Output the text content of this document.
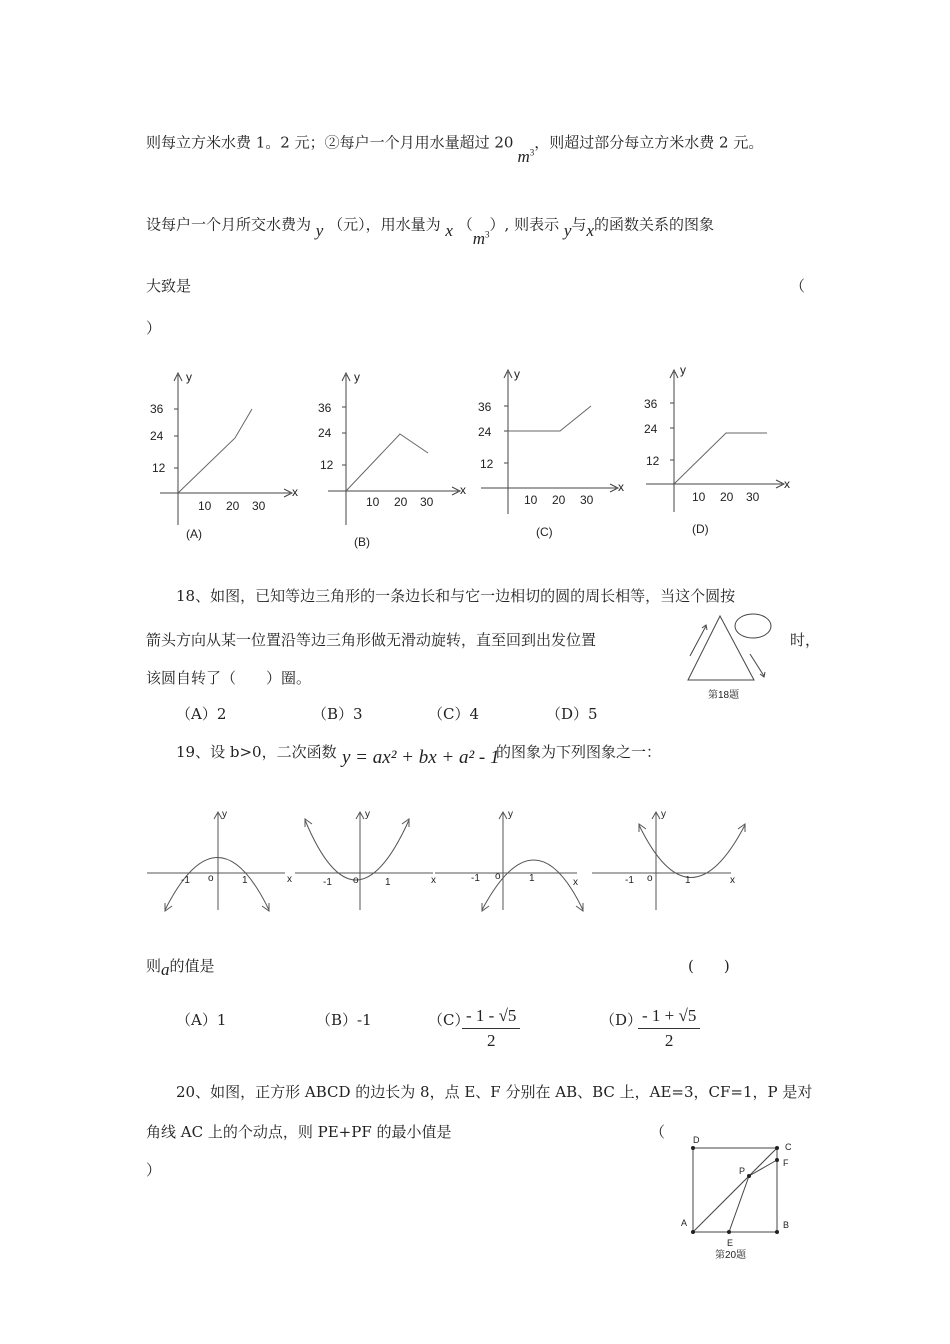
则每立方米水费 1。2 元；②每户一个月用水量超过 $20m^3$，则超过部分每立方米水费 2 元。
设每户一个月所交水费为 y （元），用水量为 x $(m^3)$, 则表示 y与x的函数关系的图象
大致是	（
）
y
36
24
12
10 20 30
x
(A)
y
36
24
12
10 20 30
x
(B)
y
36
24
12
10 20 30
x
(C)
y
36
24
12
10 20 30
x
(D)
18、如图，已知等边三角形的一条边长和与它一边相切的圆的周长相等，当这个圆按
箭头方向从某一位置沿等边三角形做无滑动旋转，直至回到出发位置	时，
该圆自转了（　　）圈。
第18题
（A）2	（B）3	（C）4	（D）5
19、设 b>0，二次函数 y = ax² + bx + a² - 1
的图象为下列图象之一：
-1 o	1	x
y
-1 o	1	x
y
-1 o	1	x
y
-1 o	1	x
y
则a的值是	(　　)
（A）1	（B）-1	（C）
$\frac{- 1 - √5}{2}$	（D）
$\frac{- 1 + √5}{2}$
20、如图，正方形 ABCD 的边长为 8，点 E、F 分别在 AB、BC 上，AE=3，CF=1，P 是对
角线 AC 上的个动点，则 PE+PF 的最小值是	（
）
A	B
C
D
E
F
P
第20题
